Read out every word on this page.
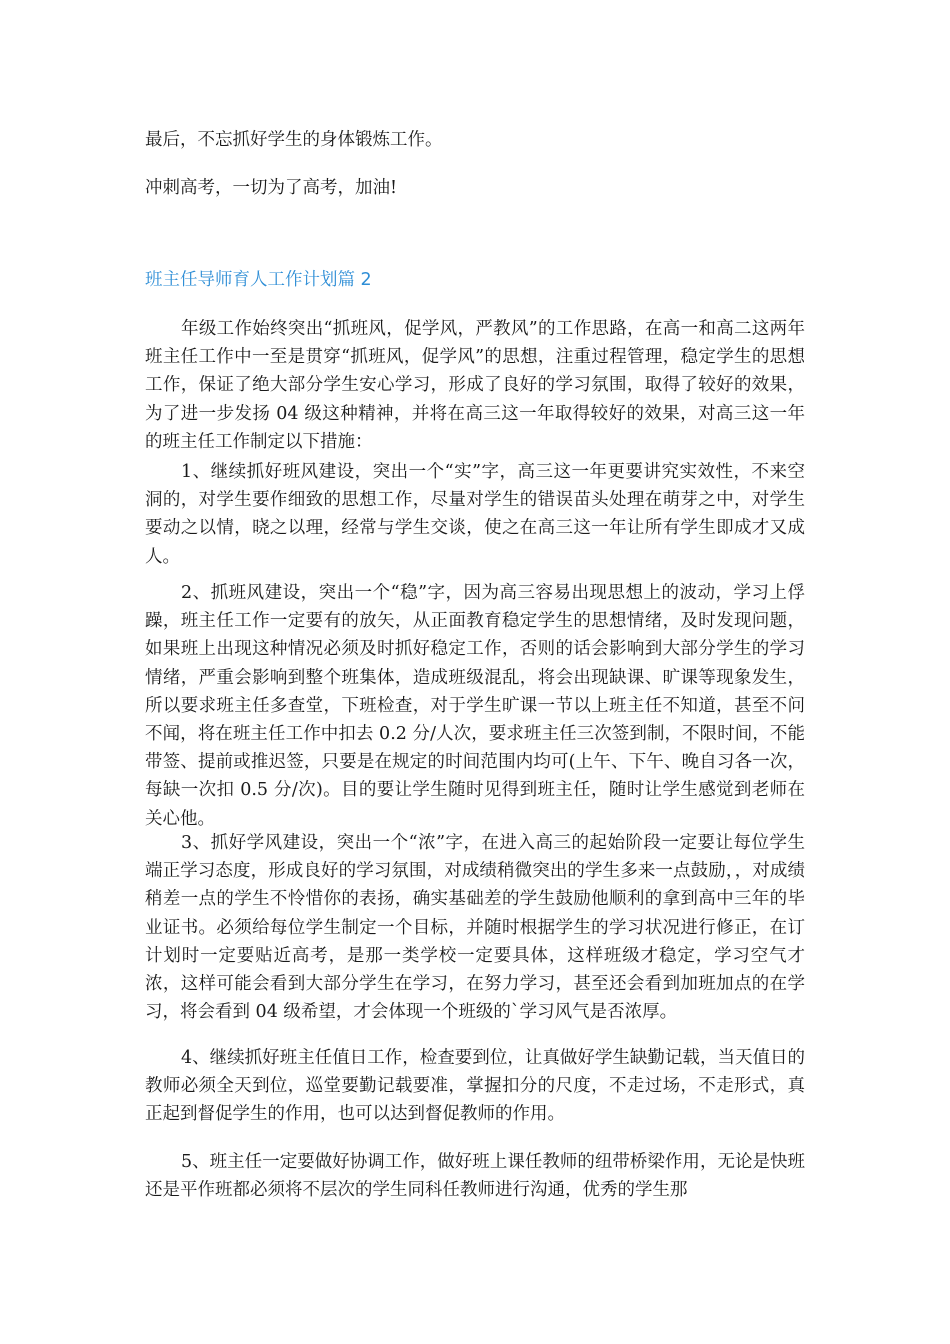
最后，不忘抓好学生的身体锻炼工作。
冲刺高考，一切为了高考，加油!
班主任导师育人工作计划篇 2
年级工作始终突出“抓班风，促学风，严教风”的工作思路，在高一和高二这两年班主任工作中一至是贯穿“抓班风，促学风”的思想，注重过程管理，稳定学生的思想工作，保证了绝大部分学生安心学习，形成了良好的学习氛围，取得了较好的效果，为了进一步发扬 04 级这种精神，并将在高三这一年取得较好的效果，对高三这一年的班主任工作制定以下措施：
1、继续抓好班风建设，突出一个“实”字，高三这一年更要讲究实效性，不来空洞的，对学生要作细致的思想工作，尽量对学生的错误苗头处理在萌芽之中，对学生要动之以情，晓之以理，经常与学生交谈，使之在高三这一年让所有学生即成才又成人。
2、抓班风建设，突出一个“稳”字，因为高三容易出现思想上的波动，学习上俘躁，班主任工作一定要有的放矢，从正面教育稳定学生的思想情绪，及时发现问题，如果班上出现这种情况必须及时抓好稳定工作，否则的话会影响到大部分学生的学习情绪，严重会影响到整个班集体，造成班级混乱，将会出现缺课、旷课等现象发生，所以要求班主任多查堂，下班检查，对于学生旷课一节以上班主任不知道，甚至不问不闻，将在班主任工作中扣去 0.2 分/人次，要求班主任三次签到制，不限时间，不能带签、提前或推迟签，只要是在规定的时间范围内均可(上午、下午、晚自习各一次，每缺一次扣 0.5 分/次)。目的要让学生随时见得到班主任，随时让学生感觉到老师在关心他。
3、抓好学风建设，突出一个“浓”字，在进入高三的起始阶段一定要让每位学生端正学习态度，形成良好的学习氛围，对成绩稍微突出的学生多来一点鼓励，，对成绩稍差一点的学生不怜惜你的表扬，确实基础差的学生鼓励他顺利的拿到高中三年的毕业证书。必须给每位学生制定一个目标，并随时根据学生的学习状况进行修正，在订计划时一定要贴近高考，是那一类学校一定要具体，这样班级才稳定，学习空气才浓，这样可能会看到大部分学生在学习，在努力学习，甚至还会看到加班加点的在学习，将会看到 04 级希望，才会体现一个班级的`学习风气是否浓厚。
4、继续抓好班主任值日工作，检查要到位，让真做好学生缺勤记载，当天值日的教师必须全天到位，巡堂要勤记载要准，掌握扣分的尺度，不走过场，不走形式，真正起到督促学生的作用，也可以达到督促教师的作用。
5、班主任一定要做好协调工作，做好班上课任教师的纽带桥梁作用，无论是快班还是平作班都必须将不层次的学生同科任教师进行沟通，优秀的学生那
